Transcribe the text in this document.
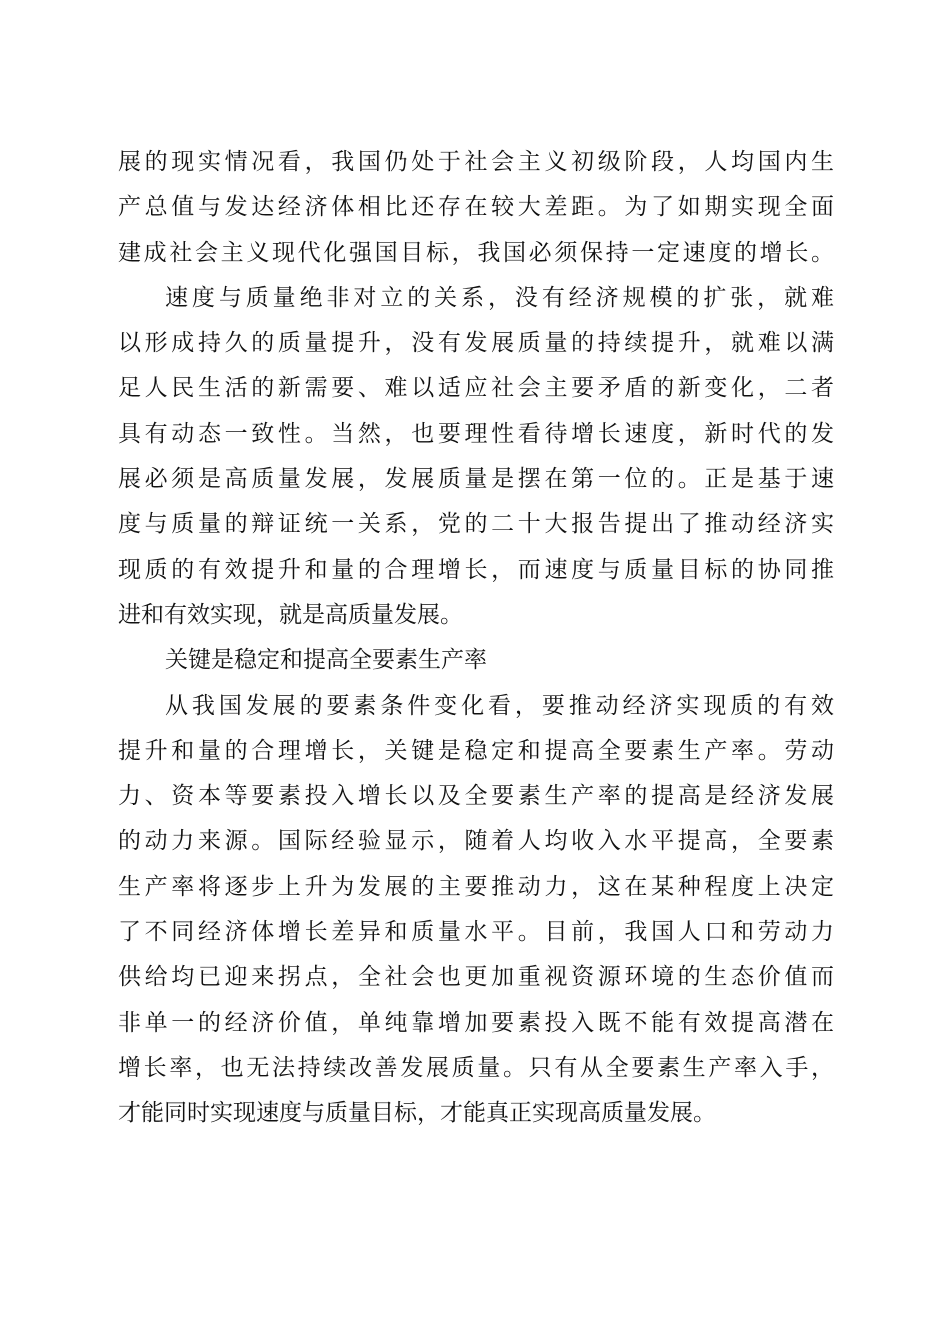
展的现实情况看，我国仍处于社会主义初级阶段，人均国内生
产总值与发达经济体相比还存在较大差距。为了如期实现全面
建成社会主义现代化强国目标，我国必须保持一定速度的增长。
速度与质量绝非对立的关系，没有经济规模的扩张，就难
以形成持久的质量提升，没有发展质量的持续提升，就难以满
足人民生活的新需要、难以适应社会主要矛盾的新变化，二者
具有动态一致性。当然，也要理性看待增长速度，新时代的发
展必须是高质量发展，发展质量是摆在第一位的。正是基于速
度与质量的辩证统一关系，党的二十大报告提出了推动经济实
现质的有效提升和量的合理增长，而速度与质量目标的协同推
进和有效实现，就是高质量发展。
关键是稳定和提高全要素生产率
从我国发展的要素条件变化看，要推动经济实现质的有效
提升和量的合理增长，关键是稳定和提高全要素生产率。劳动
力、资本等要素投入增长以及全要素生产率的提高是经济发展
的动力来源。国际经验显示，随着人均收入水平提高，全要素
生产率将逐步上升为发展的主要推动力，这在某种程度上决定
了不同经济体增长差异和质量水平。目前，我国人口和劳动力
供给均已迎来拐点，全社会也更加重视资源环境的生态价值而
非单一的经济价值，单纯靠增加要素投入既不能有效提高潜在
增长率，也无法持续改善发展质量。只有从全要素生产率入手，
才能同时实现速度与质量目标，才能真正实现高质量发展。
